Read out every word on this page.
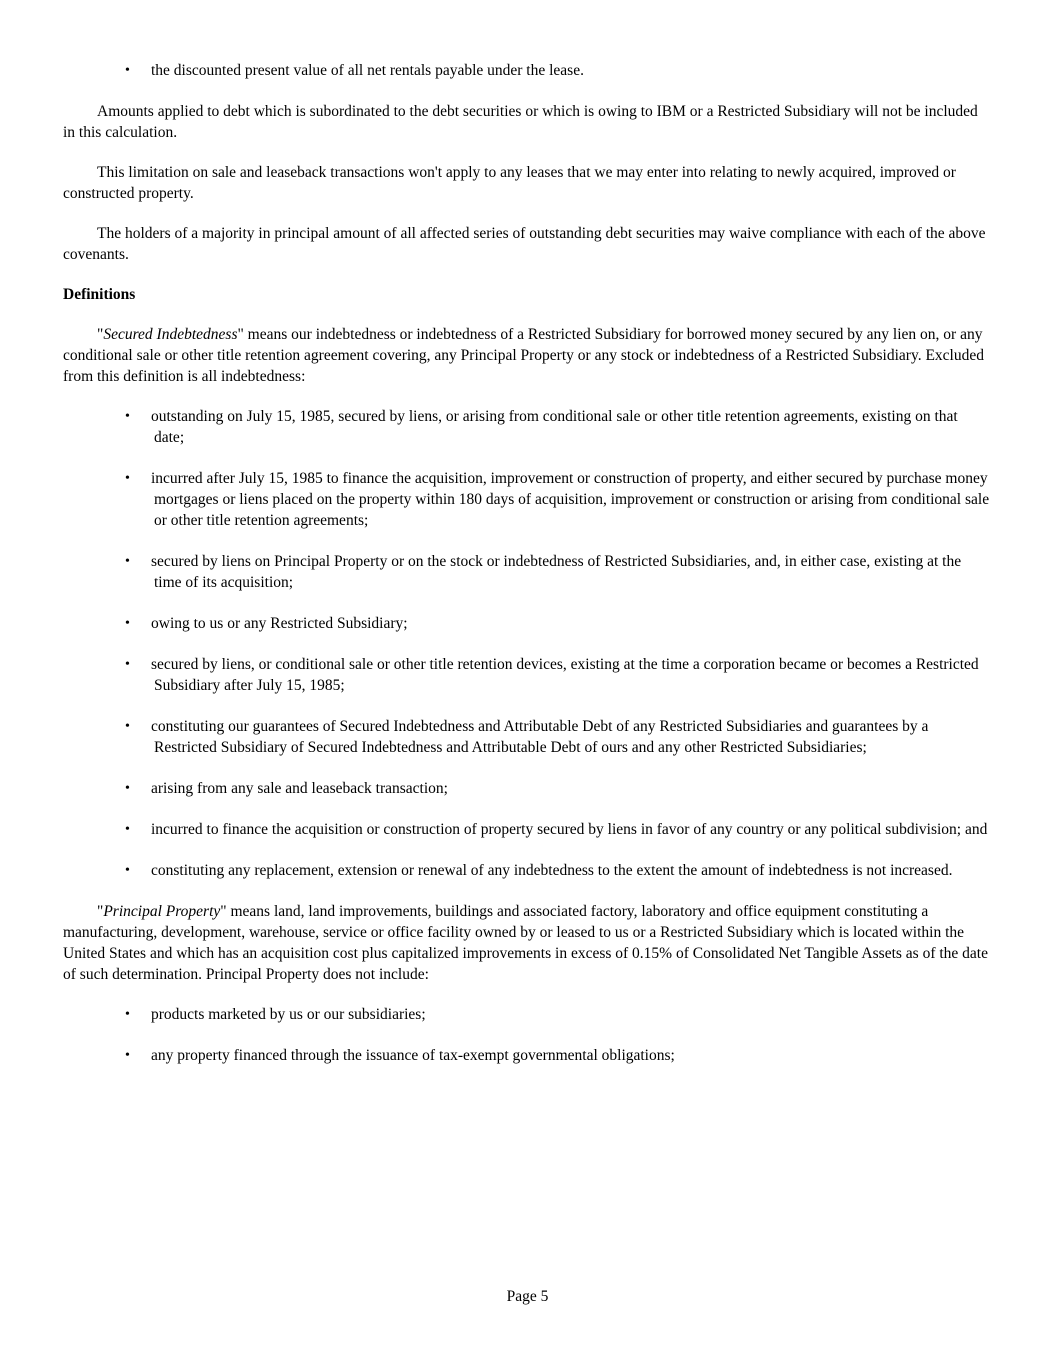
• the discounted present value of all net rentals payable under the lease.

Amounts applied to debt which is subordinated to the debt securities or which is owing to IBM or a Restricted Subsidiary will not be included in this calculation.

This limitation on sale and leaseback transactions won't apply to any leases that we may enter into relating to newly acquired, improved or constructed property.

The holders of a majority in principal amount of all affected series of outstanding debt securities may waive compliance with each of the above covenants.

Definitions

"Secured Indebtedness" means our indebtedness or indebtedness of a Restricted Subsidiary for borrowed money secured by any lien on, or any conditional sale or other title retention agreement covering, any Principal Property or any stock or indebtedness of a Restricted Subsidiary. Excluded from this definition is all indebtedness:

• outstanding on July 15, 1985, secured by liens, or arising from conditional sale or other title retention agreements, existing on that date;
• incurred after July 15, 1985 to finance the acquisition, improvement or construction of property, and either secured by purchase money mortgages or liens placed on the property within 180 days of acquisition, improvement or construction or arising from conditional sale or other title retention agreements;
• secured by liens on Principal Property or on the stock or indebtedness of Restricted Subsidiaries, and, in either case, existing at the time of its acquisition;
• owing to us or any Restricted Subsidiary;
• secured by liens, or conditional sale or other title retention devices, existing at the time a corporation became or becomes a Restricted Subsidiary after July 15, 1985;
• constituting our guarantees of Secured Indebtedness and Attributable Debt of any Restricted Subsidiaries and guarantees by a Restricted Subsidiary of Secured Indebtedness and Attributable Debt of ours and any other Restricted Subsidiaries;
• arising from any sale and leaseback transaction;
• incurred to finance the acquisition or construction of property secured by liens in favor of any country or any political subdivision; and
• constituting any replacement, extension or renewal of any indebtedness to the extent the amount of indebtedness is not increased.

"Principal Property" means land, land improvements, buildings and associated factory, laboratory and office equipment constituting a manufacturing, development, warehouse, service or office facility owned by or leased to us or a Restricted Subsidiary which is located within the United States and which has an acquisition cost plus capitalized improvements in excess of 0.15% of Consolidated Net Tangible Assets as of the date of such determination. Principal Property does not include:

• products marketed by us or our subsidiaries;
• any property financed through the issuance of tax-exempt governmental obligations;
Page 5
